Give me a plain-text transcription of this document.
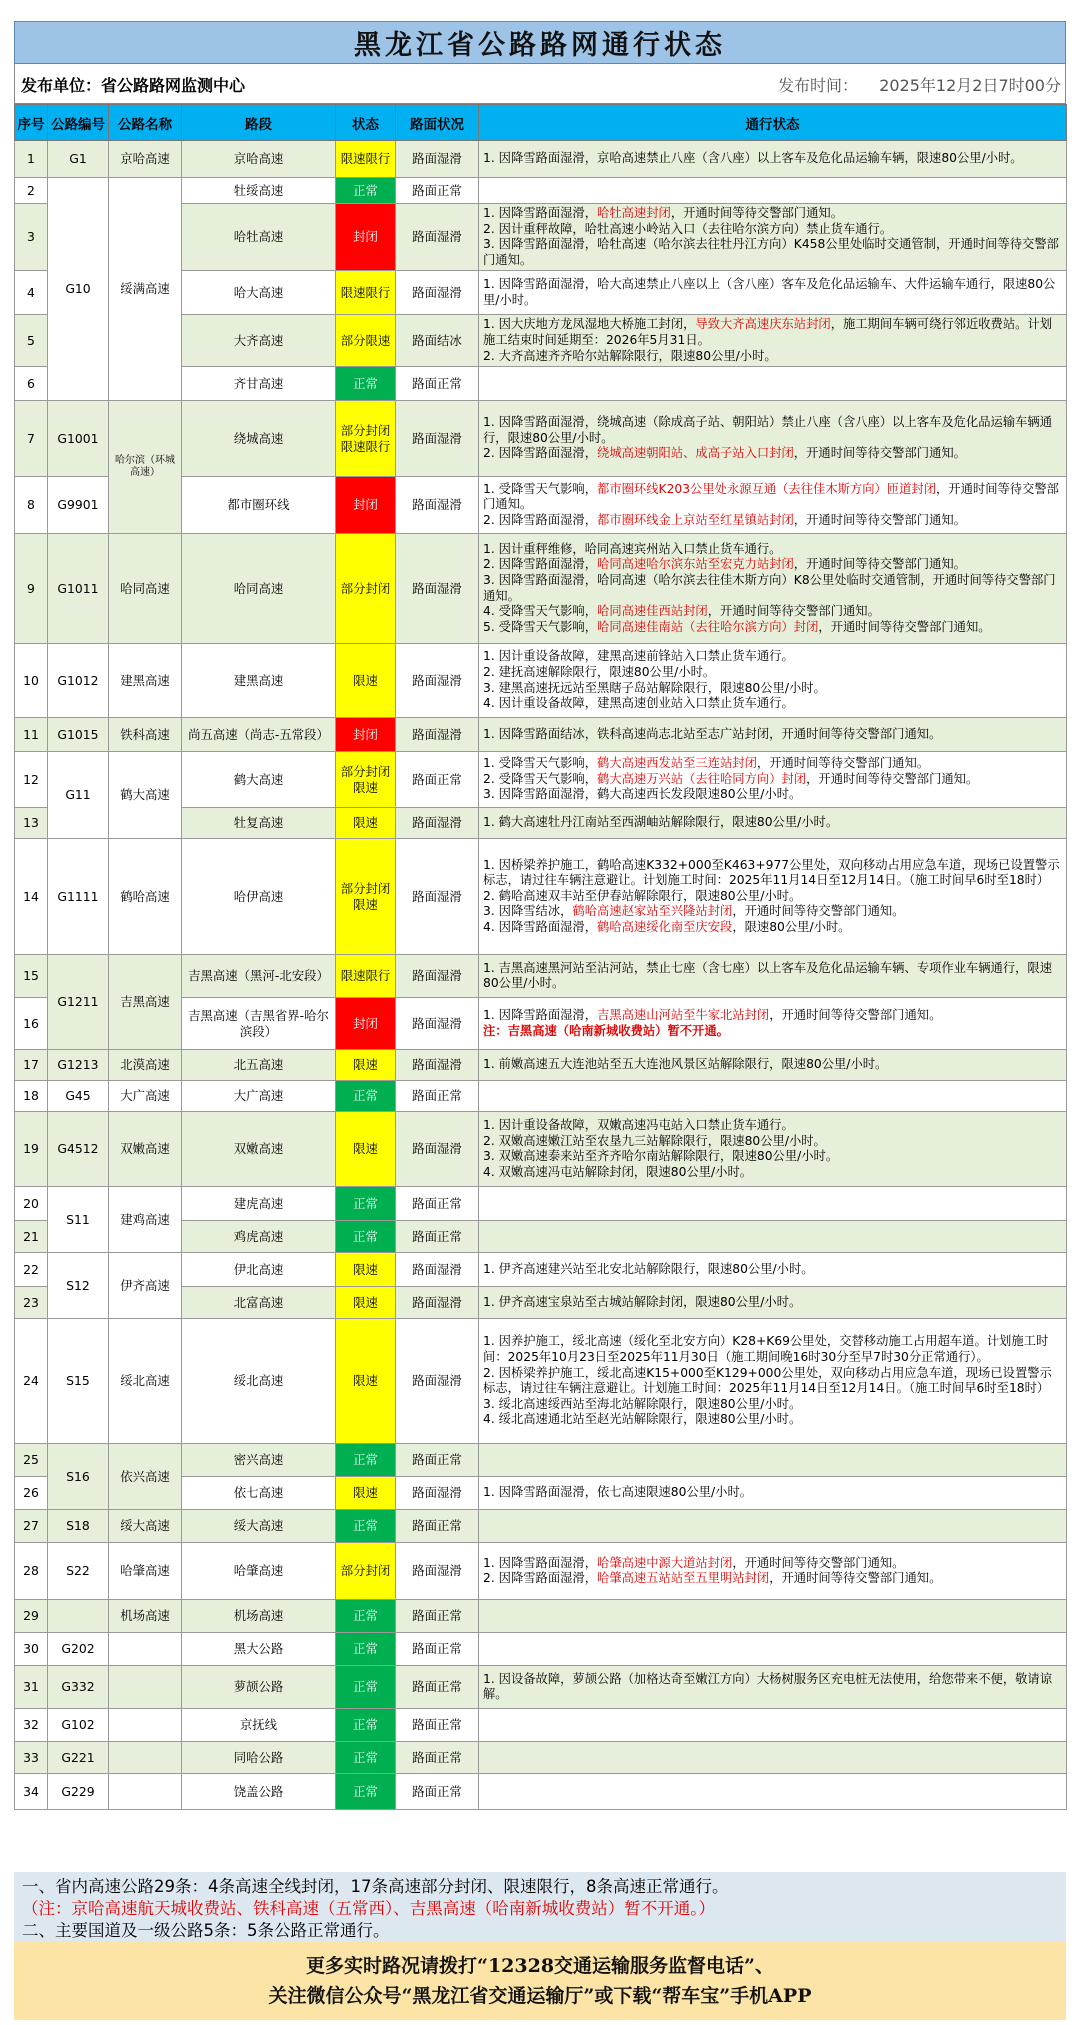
黑龙江省公路路网通行状态
发布单位：省公路路网监测中心	发布时间： 2025年12月2日7时00分
序号	公路编号	公路名称	路段	状态	路面状况	通行状态
1	G1	京哈高速	京哈高速	限速限行	路面湿滑	1. 因降雪路面湿滑，京哈高速禁止八座（含八座）以上客车及危化品运输车辆，限速80公里/小时。

2	G10	绥满高速	牡绥高速	正常	路面正常	
3			哈牡高速	封闭	路面湿滑	1. 因降雪路面湿滑，哈牡高速封闭，开通时间等待交警部门通知。
2. 因计重秤故障，哈牡高速小岭站入口（去往哈尔滨方向）禁止货车通行。
3. 因降雪路面湿滑，哈牡高速（哈尔滨去往牡丹江方向）K458公里处临时交通管制，开通时间等待交警部门通知。

4			哈大高速	限速限行	路面湿滑	1. 因降雪路面湿滑，哈大高速禁止八座以上（含八座）客车及危化品运输车、大件运输车通行，限速80公里/小时。

5			大齐高速	部分限速	路面结冰	1. 因大庆地方龙凤湿地大桥施工封闭，导致大齐高速庆东站封闭，施工期间车辆可绕行邻近收费站。计划施工结束时间延期至：2026年5月31日。
2. 大齐高速齐齐哈尔站解除限行，限速80公里/小时。

6			齐甘高速	正常	路面正常	
7	G1001	哈尔滨（环城高速）	绕城高速	部分封闭 限速限行	路面湿滑	1. 因降雪路面湿滑，绕城高速（除成高子站、朝阳站）禁止八座（含八座）以上客车及危化品运输车辆通行，限速80公里/小时。
2. 因降雪路面湿滑，绕城高速朝阳站、成高子站入口封闭，开通时间等待交警部门通知。

8	G9901		都市圈环线	封闭	路面湿滑	1. 受降雪天气影响，都市圈环线K203公里处永源互通（去往佳木斯方向）匝道封闭，开通时间等待交警部门通知。
2. 因降雪路面湿滑，都市圈环线金上京站至红星镇站封闭，开通时间等待交警部门通知。

9	G1011	哈同高速	哈同高速	部分封闭	路面湿滑	1. 因计重秤维修，哈同高速宾州站入口禁止货车通行。
2. 因降雪路面湿滑，哈同高速哈尔滨东站至宏克力站封闭，开通时间等待交警部门通知。
3. 因降雪路面湿滑，哈同高速（哈尔滨去往佳木斯方向）K8公里处临时交通管制，开通时间等待交警部门通知。
4. 受降雪天气影响，哈同高速佳西站封闭，开通时间等待交警部门通知。
5. 受降雪天气影响，哈同高速佳南站（去往哈尔滨方向）封闭，开通时间等待交警部门通知。

10	G1012	建黑高速	建黑高速	限速	路面湿滑	1. 因计重设备故障，建黑高速前锋站入口禁止货车通行。
2. 建抚高速解除限行，限速80公里/小时。
3. 建黑高速抚远站至黑瞎子岛站解除限行，限速80公里/小时。
4. 因计重设备故障，建黑高速创业站入口禁止货车通行。

11	G1015	铁科高速	尚五高速（尚志-五常段）	封闭	路面湿滑	1. 因降雪路面结冰，铁科高速尚志北站至志广站封闭，开通时间等待交警部门通知。

12	G11	鹤大高速	鹤大高速	部分封闭 限速	路面正常	1. 受降雪天气影响，鹤大高速西发站至三连站封闭，开通时间等待交警部门通知。
2. 受降雪天气影响，鹤大高速万兴站（去往哈同方向）封闭，开通时间等待交警部门通知。
3. 因降雪路面湿滑，鹤大高速西长发段限速80公里/小时。

13			牡复高速	限速	路面湿滑	1. 鹤大高速牡丹江南站至西湖岫站解除限行，限速80公里/小时。

14	G1111	鹤哈高速	哈伊高速	部分封闭 限速	路面湿滑	1. 因桥梁养护施工，鹤哈高速K332+000至K463+977公里处，双向移动占用应急车道，现场已设置警示标志，请过往车辆注意避让。计划施工时间：2025年11月14日至12月14日。（施工时间早6时至18时）
2. 鹤哈高速双丰站至伊春站解除限行，限速80公里/小时。
3. 因降雪结冰，鹤哈高速赵家站至兴隆站封闭，开通时间等待交警部门通知。
4. 因降雪路面湿滑，鹤哈高速绥化南至庆安段，限速80公里/小时。

15	G1211	吉黑高速	吉黑高速（黑河-北安段）	限速限行	路面湿滑	1. 吉黑高速黑河站至沾河站，禁止七座（含七座）以上客车及危化品运输车辆、专项作业车辆通行，限速80公里/小时。

16			吉黑高速（吉黑省界-哈尔滨段）	封闭	路面湿滑	1. 因降雪路面湿滑，吉黑高速山河站至牛家北站封闭，开通时间等待交警部门通知。
注：吉黑高速（哈南新城收费站）暂不开通。

17	G1213	北漠高速	北五高速	限速	路面湿滑	1. 前嫩高速五大连池站至五大连池风景区站解除限行，限速80公里/小时。

18	G45	大广高速	大广高速	正常	路面正常	
19	G4512	双嫩高速	双嫩高速	限速	路面湿滑	1. 因计重设备故障，双嫩高速冯屯站入口禁止货车通行。
2. 双嫩高速嫩江站至农垦九三站解除限行，限速80公里/小时。
3. 双嫩高速泰来站至齐齐哈尔南站解除限行，限速80公里/小时。
4. 双嫩高速冯屯站解除封闭，限速80公里/小时。

20	S11	建鸡高速	建虎高速	正常	路面正常	
21			鸡虎高速	正常	路面正常	
22	S12	伊齐高速	伊北高速	限速	路面湿滑	1. 伊齐高速建兴站至北安北站解除限行，限速80公里/小时。

23			北富高速	限速	路面湿滑	1. 伊齐高速宝泉站至古城站解除封闭，限速80公里/小时。

24	S15	绥北高速	绥北高速	限速	路面湿滑	1. 因养护施工，绥北高速（绥化至北安方向）K28+K69公里处，交替移动施工占用超车道。计划施工时间：2025年10月23日至2025年11月30日（施工期间晚16时30分至早7时30分正常通行）。
2. 因桥梁养护施工，绥北高速K15+000至K129+000公里处，双向移动占用应急车道，现场已设置警示标志，请过往车辆注意避让。计划施工时间：2025年11月14日至12月14日。（施工时间早6时至18时）
3. 绥北高速绥西站至海北站解除限行，限速80公里/小时。
4. 绥北高速通北站至赵光站解除限行，限速80公里/小时。

25	S16	依兴高速	密兴高速	正常	路面正常	
26			依七高速	限速	路面湿滑	1. 因降雪路面湿滑，依七高速限速80公里/小时。

27	S18	绥大高速	绥大高速	正常	路面正常	
28	S22	哈肇高速	哈肇高速	部分封闭	路面湿滑	1. 因降雪路面湿滑，哈肇高速中源大道站封闭，开通时间等待交警部门通知。
2. 因降雪路面湿滑，哈肇高速五站站至五里明站封闭，开通时间等待交警部门通知。

29		机场高速	机场高速	正常	路面正常	
30	G202		黑大公路	正常	路面正常	
31	G332		萝颉公路	正常	路面正常	1. 因设备故障，萝颉公路（加格达奇至嫩江方向）大杨树服务区充电桩无法使用，给您带来不便，敬请谅解。

32	G102		京抚线	正常	路面正常	
33	G221		同哈公路	正常	路面正常	
34	G229		饶盖公路	正常	路面正常	
一、省内高速公路29条：4条高速全线封闭，17条高速部分封闭、限速限行，8条高速正常通行。
（注：京哈高速航天城收费站、铁科高速（五常西）、吉黑高速（哈南新城收费站）暂不开通。）
二、主要国道及一级公路5条：5条公路正常通行。
更多实时路况请拨打“12328交通运输服务监督电话”、
关注微信公众号“黑龙江省交通运输厅”或下载“帮车宝”手机APP
